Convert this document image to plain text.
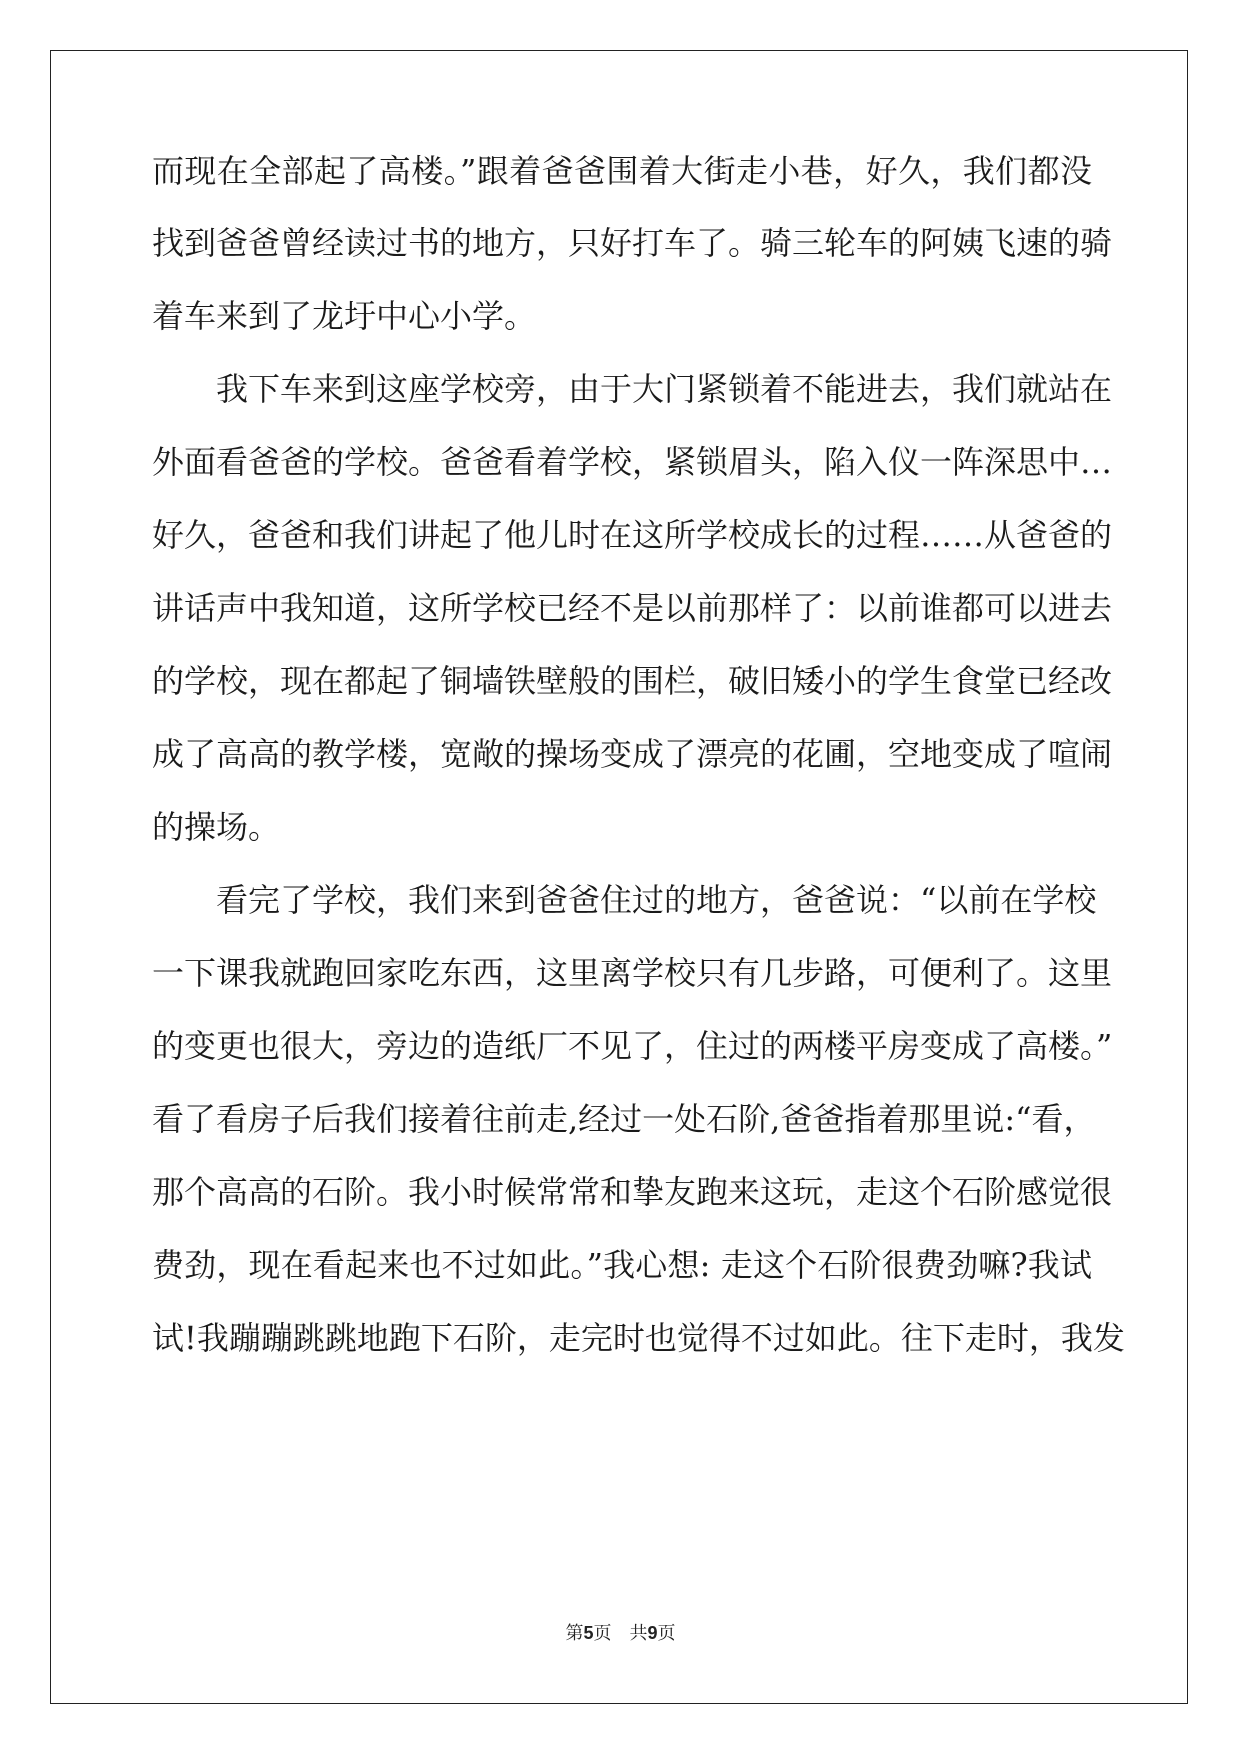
而现在全部起了高楼。”跟着爸爸围着大街走小巷，好久，我们都没
找到爸爸曾经读过书的地方，只好打车了。骑三轮车的阿姨飞速的骑
着车来到了龙圩中心小学。
我下车来到这座学校旁，由于大门紧锁着不能进去，我们就站在
外面看爸爸的学校。爸爸看着学校，紧锁眉头，陷入仪一阵深思中…
好久，爸爸和我们讲起了他儿时在这所学校成长的过程……从爸爸的
讲话声中我知道，这所学校已经不是以前那样了：以前谁都可以进去
的学校，现在都起了铜墙铁壁般的围栏，破旧矮小的学生食堂已经改
成了高高的教学楼，宽敞的操场变成了漂亮的花圃，空地变成了喧闹
的操场。
看完了学校，我们来到爸爸住过的地方，爸爸说：“以前在学校
一下课我就跑回家吃东西，这里离学校只有几步路，可便利了。这里
的变更也很大，旁边的造纸厂不见了，住过的两楼平房变成了高楼。”
看了看房子后我们接着往前走,经过一处石阶,爸爸指着那里说:“看，
那个高高的石阶。我小时候常常和挚友跑来这玩，走这个石阶感觉很
费劲，现在看起来也不过如此。”我心想: 走这个石阶很费劲嘛?我试
试!我蹦蹦跳跳地跑下石阶，走完时也觉得不过如此。往下走时，我发
第5页　共9页
